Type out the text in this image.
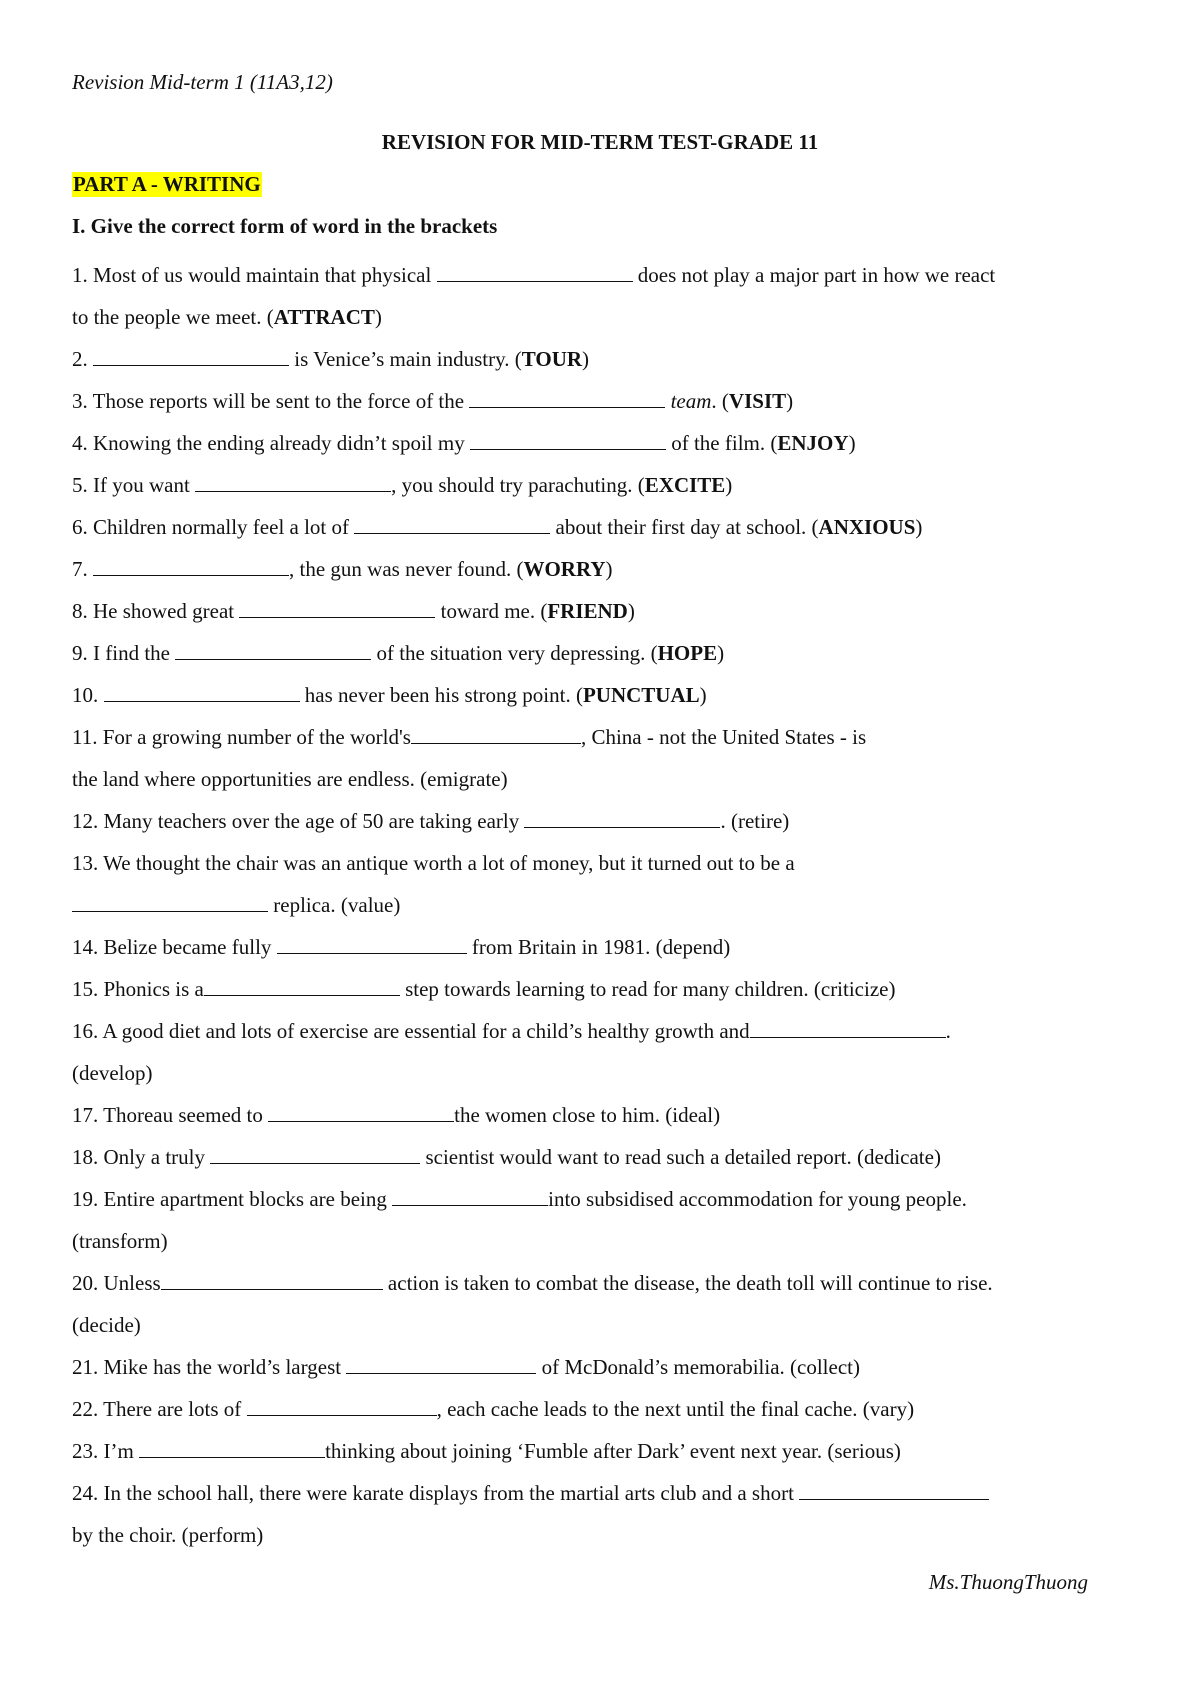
Revision Mid-term 1 (11A3,12)
REVISION FOR MID-TERM TEST-GRADE 11
PART A - WRITING
I. Give the correct form of word in the brackets
1. Most of us would maintain that physical	does not play a major part in how we react
to the people we meet. (ATTRACT)
2.	is Venice’s main industry. (TOUR)
3. Those reports will be sent to the force of the	team. (VISIT)
4. Knowing the ending already didn’t spoil my	of the film. (ENJOY)
5. If you want	, you should try parachuting. (EXCITE)
6. Children normally feel a lot of	about their first day at school. (ANXIOUS)
7.	, the gun was never found. (WORRY)
8. He showed great	toward me. (FRIEND)
9. I find the	of the situation very depressing. (HOPE)
10.	has never been his strong point. (PUNCTUAL)
11. For a growing number of the world's	, China - not the United States - is
the land where opportunities are endless. (emigrate)
12. Many teachers over the age of 50 are taking early	. (retire)
13. We thought the chair was an antique worth a lot of money, but it turned out to be a
replica. (value)
14. Belize became fully	from Britain in 1981. (depend)
15. Phonics is a	step towards learning to read for many children. (criticize)
16. A good diet and lots of exercise are essential for a child’s healthy growth and	.
(develop)
17. Thoreau seemed to	the women close to him. (ideal)
18. Only a truly	scientist would want to read such a detailed report. (dedicate)
19. Entire apartment blocks are being	into subsidised accommodation for young people.
(transform)
20. Unless	action is taken to combat the disease, the death toll will continue to rise.
(decide)
21. Mike has the world’s largest	of McDonald’s memorabilia. (collect)
22. There are lots of	, each cache leads to the next until the final cache. (vary)
23. I’m	thinking about joining ‘Fumble after Dark’ event next year. (serious)
24. In the school hall, there were karate displays from the martial arts club and a short
by the choir. (perform)
Ms.ThuongThuong
